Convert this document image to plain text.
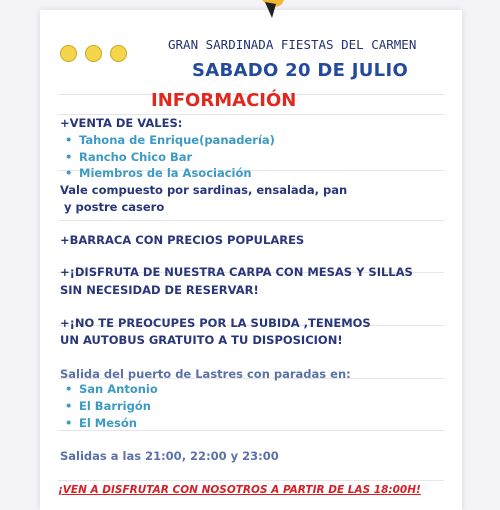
GRAN SARDINADA FIESTAS DEL CARMEN
SABADO 20 DE JULIO
INFORMACIÓN
+VENTA DE VALES:
• Tahona de Enrique(panadería)
• Rancho Chico Bar
• Miembros de la Asociación
Vale compuesto por sardinas, ensalada, pan
y postre casero
+BARRACA CON PRECIOS POPULARES
+¡DISFRUTA DE NUESTRA CARPA CON MESAS Y SILLAS
SIN NECESIDAD DE RESERVAR!
+¡NO TE PREOCUPES POR LA SUBIDA ,TENEMOS
UN AUTOBUS GRATUITO A TU DISPOSICION!
Salida del puerto de Lastres con paradas en:
• San Antonio
• El Barrigón
• El Mesón
Salidas a las 21:00, 22:00 y 23:00
¡VEN A DISFRUTAR CON NOSOTROS A PARTIR DE LAS 18:00H!
